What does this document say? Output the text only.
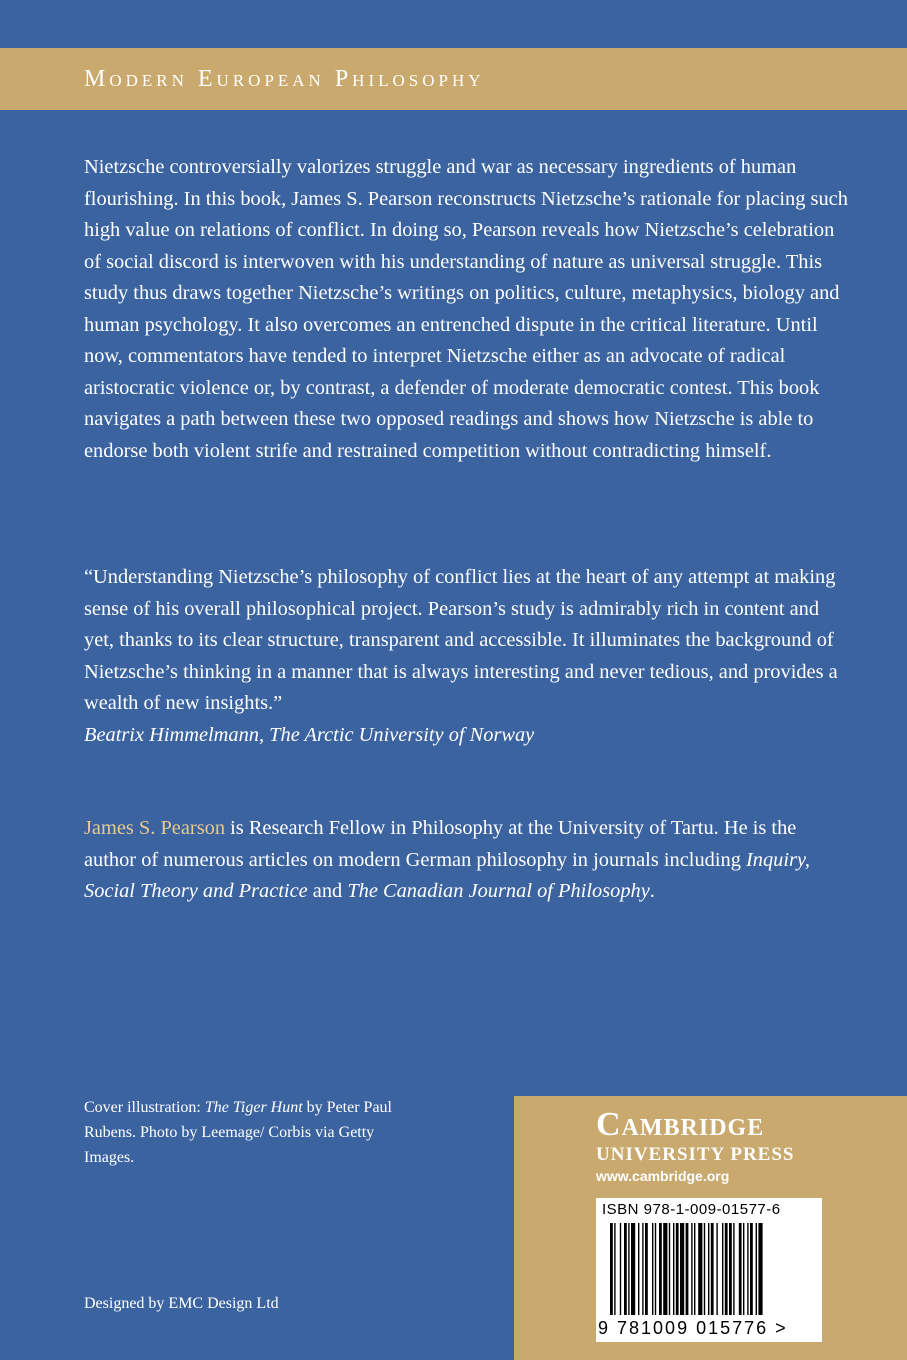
Modern European Philosophy

Nietzsche controversially valorizes struggle and war as necessary ingredients of human flourishing. In this book, James S. Pearson reconstructs Nietzsche’s rationale for placing such high value on relations of conflict. In doing so, Pearson reveals how Nietzsche’s celebration of social discord is interwoven with his understanding of nature as universal struggle. This study thus draws together Nietzsche’s writings on politics, culture, metaphysics, biology and human psychology. It also overcomes an entrenched dispute in the critical literature. Until now, commentators have tended to interpret Nietzsche either as an advocate of radical aristocratic violence or, by contrast, a defender of moderate democratic contest. This book navigates a path between these two opposed readings and shows how Nietzsche is able to endorse both violent strife and restrained competition without contradicting himself.

“Understanding Nietzsche’s philosophy of conflict lies at the heart of any attempt at making sense of his overall philosophical project. Pearson’s study is admirably rich in content and yet, thanks to its clear structure, transparent and accessible. It illuminates the background of Nietzsche’s thinking in a manner that is always interesting and never tedious, and provides a wealth of new insights.”
Beatrix Himmelmann, The Arctic University of Norway

James S. Pearson is Research Fellow in Philosophy at the University of Tartu. He is the author of numerous articles on modern German philosophy in journals including Inquiry, Social Theory and Practice and The Canadian Journal of Philosophy.

Cover illustration: The Tiger Hunt by Peter Paul Rubens. Photo by Leemage/ Corbis via Getty Images.

Designed by EMC Design Ltd

Cambridge
UNIVERSITY PRESS
www.cambridge.org
ISBN 978-1-009-01577-6
9 781009 015776 >
